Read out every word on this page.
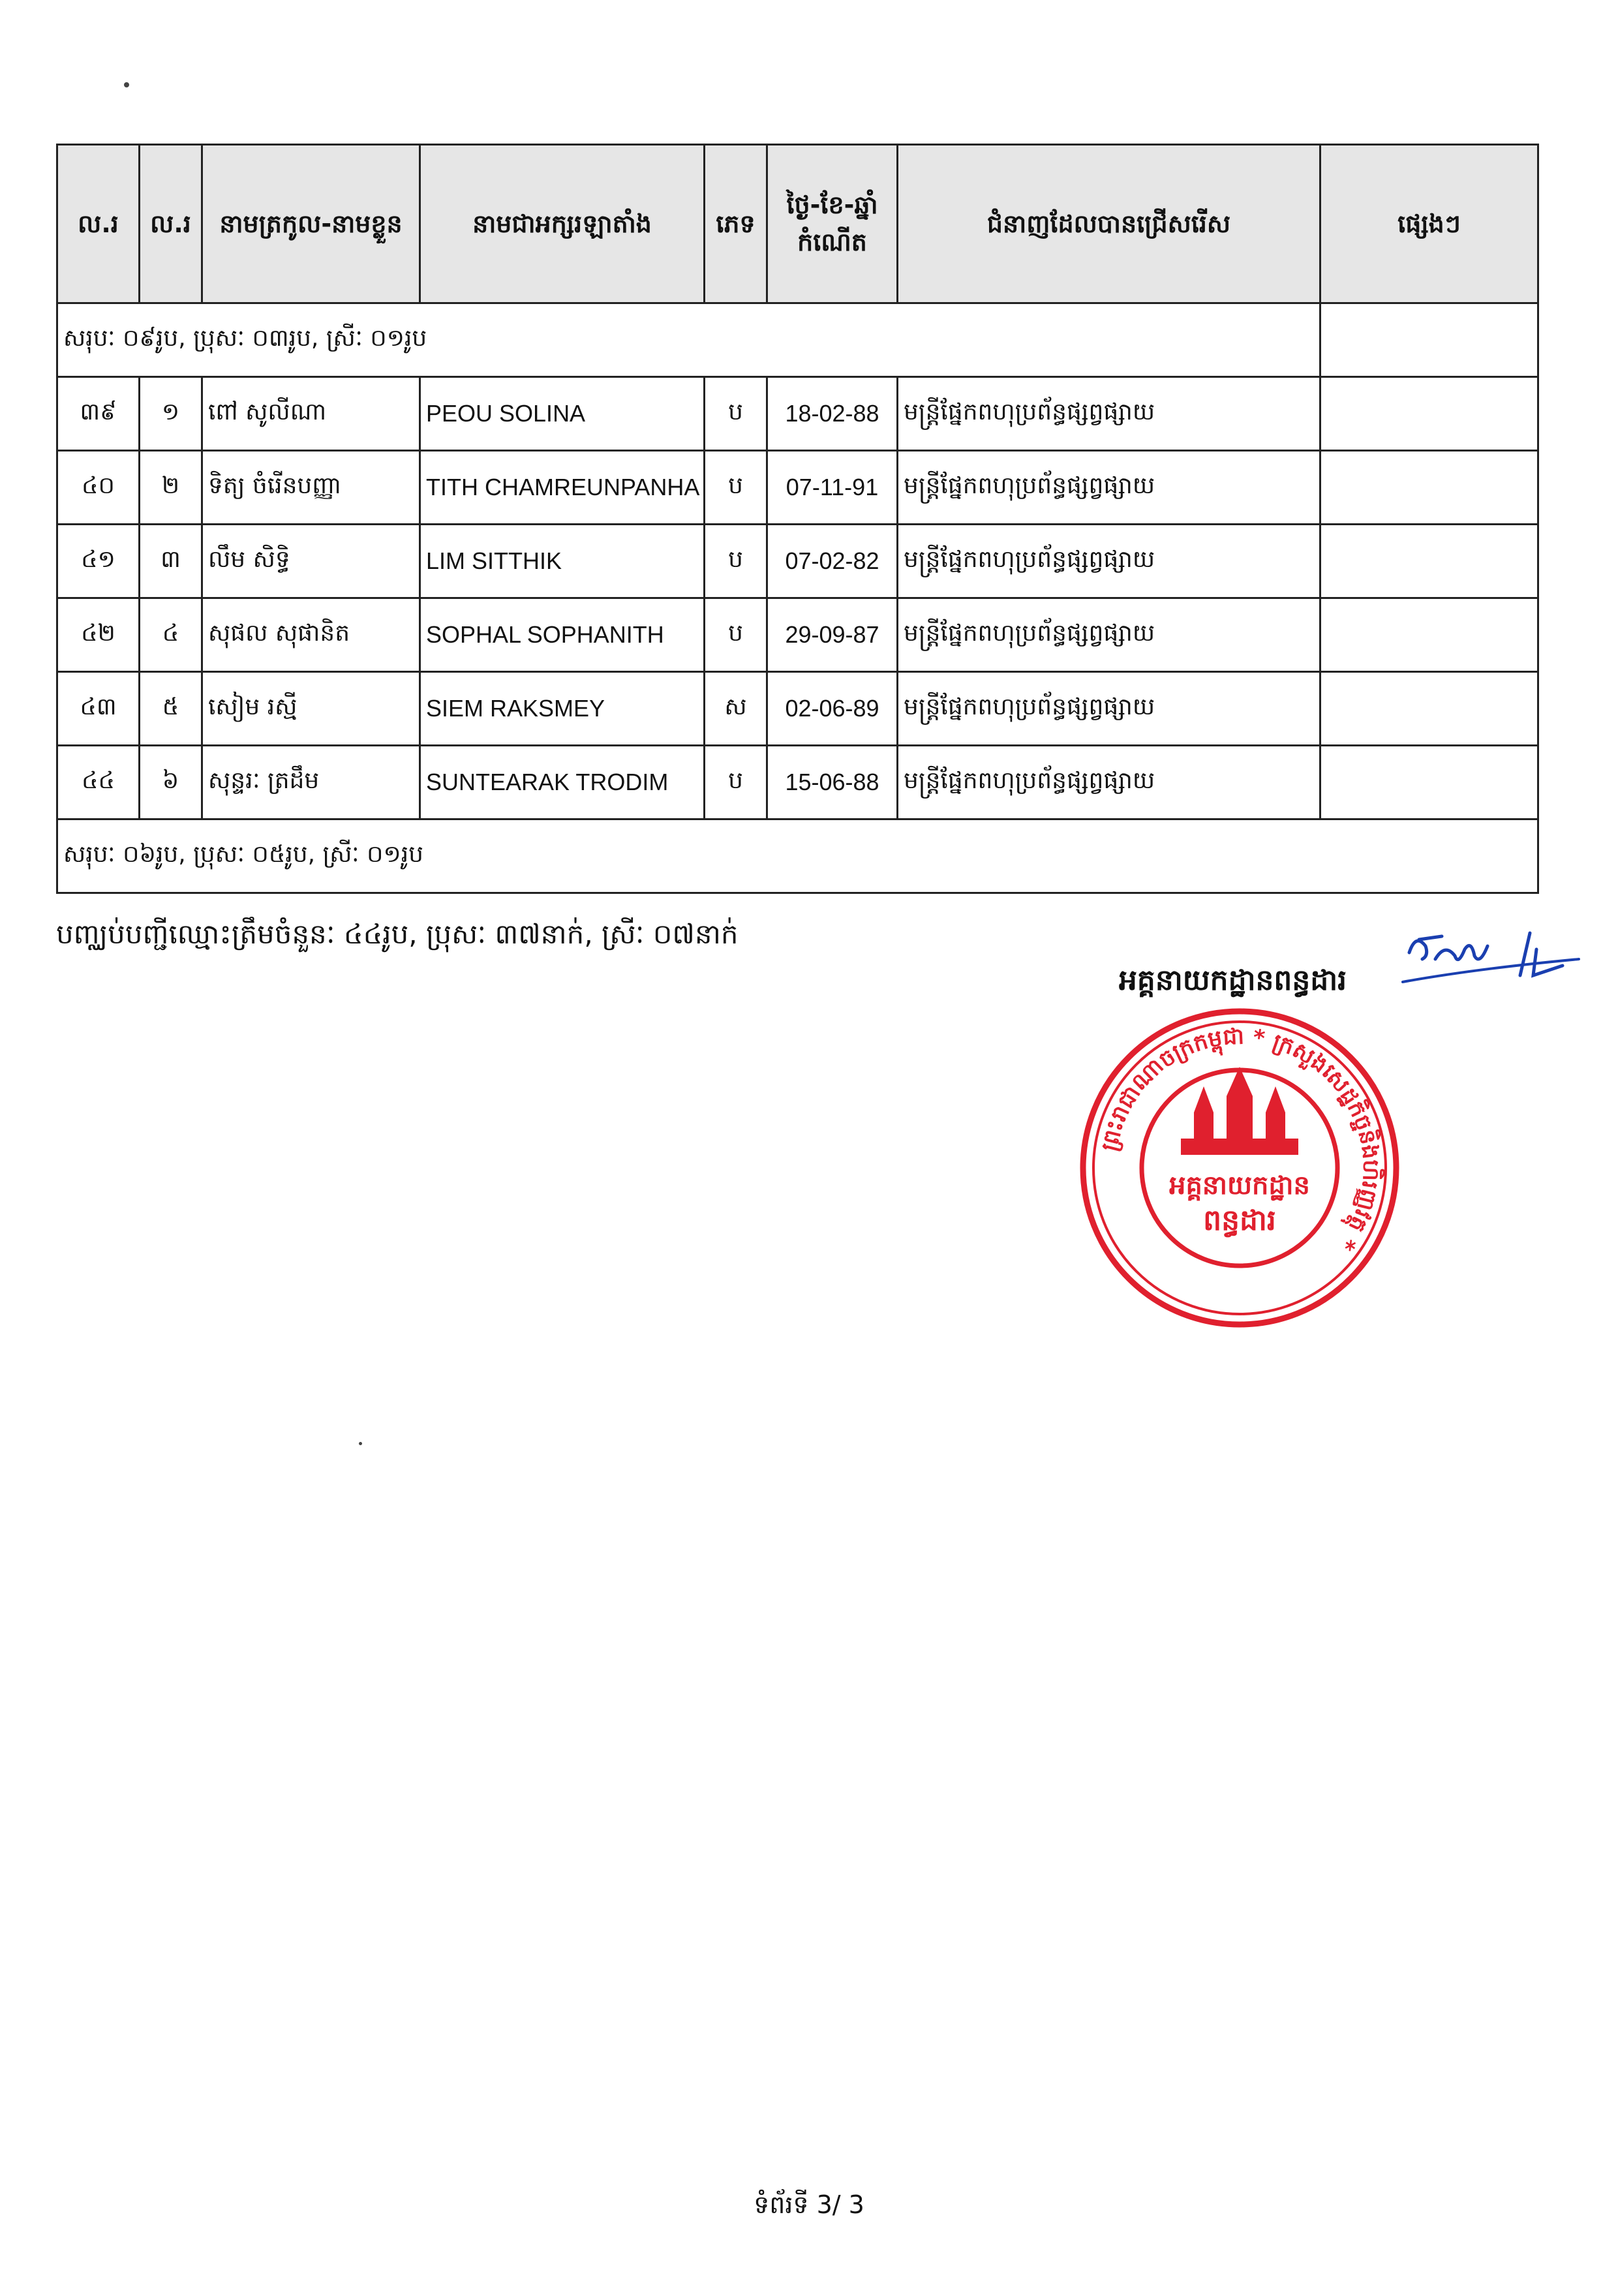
ល.រ	ល.រ	នាមត្រកូល-នាមខ្លួន	នាមជាអក្សរឡាតាំង	ភេទ	ថ្ងៃ-ខែ-ឆ្នាំ កំណើត	ជំនាញដែលបានជ្រើសរើស	ផ្សេងៗ
សរុបៈ ០៩រូប, ប្រុសៈ ០៣រូប, ស្រីៈ ០១រូប							
៣៩	១	ពៅ សូលីណា	PEOU SOLINA	ប	18-02-88	មន្ត្រីផ្នែកពហុប្រព័ន្ធផ្សព្វផ្សាយ	
៤០	២	ទិត្យ ចំរើនបញ្ញា	TITH CHAMREUNPANHA	ប	07-11-91	មន្ត្រីផ្នែកពហុប្រព័ន្ធផ្សព្វផ្សាយ	
៤១	៣	លឹម សិទ្ធិ	LIM SITTHIK	ប	07-02-82	មន្ត្រីផ្នែកពហុប្រព័ន្ធផ្សព្វផ្សាយ	
៤២	៤	សុផល សុផានិត	SOPHAL SOPHANITH	ប	29-09-87	មន្ត្រីផ្នែកពហុប្រព័ន្ធផ្សព្វផ្សាយ	
៤៣	៥	សៀម រស្មី	SIEM RAKSMEY	ស	02-06-89	មន្ត្រីផ្នែកពហុប្រព័ន្ធផ្សព្វផ្សាយ	
៤៤	៦	សុន្ទរៈ ត្រដឹម	SUNTEARAK TRODIM	ប	15-06-88	មន្ត្រីផ្នែកពហុប្រព័ន្ធផ្សព្វផ្សាយ	
សរុបៈ ០៦រូប, ប្រុសៈ ០៥រូប, ស្រីៈ ០១រូប							
បញ្ឈប់បញ្ជីឈ្មោះត្រឹមចំនួនៈ ៤៤រូប, ប្រុសៈ ៣៧នាក់, ស្រីៈ ០៧នាក់
អគ្គនាយកដ្ឋានពន្ធដារ
ព្រះរាជាណាចក្រកម្ពុជា * ក្រសួងសេដ្ឋកិច្ចនិងហិរញ្ញវត្ថុ *
អគ្គនាយកដ្ឋាន
ពន្ធដារ
ទំព័រទី 3/ 3
